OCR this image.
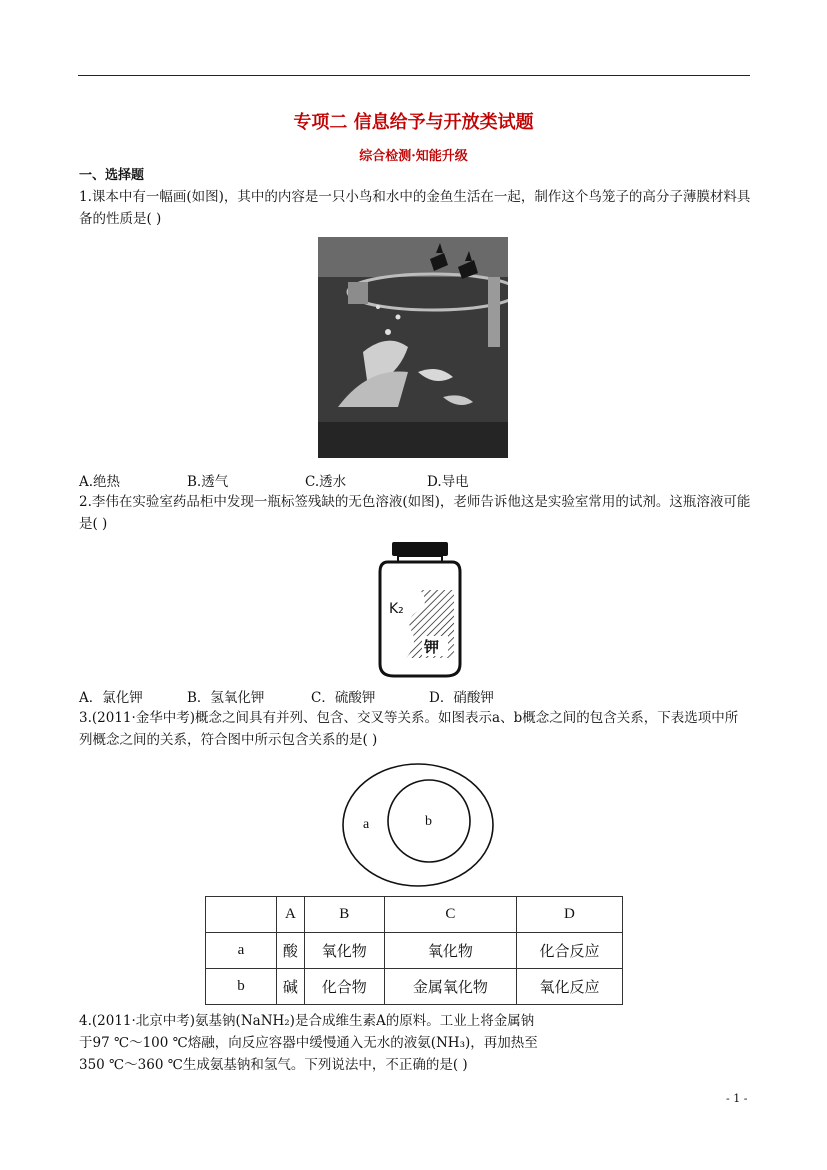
专项二 信息给予与开放类试题
综合检测·知能升级
一、选择题
1.课本中有一幅画(如图)，其中的内容是一只小鸟和水中的金鱼生活在一起，制作这个鸟笼子的高分子薄膜材料具备的性质是( )
A.绝热	B.透气	C.透水	D.导电
2.李伟在实验室药品柜中发现一瓶标签残缺的无色溶液(如图)，老师告诉他这是实验室常用的试剂。这瓶溶液可能是( )
K₂
钾
A．氯化钾	B．氢氧化钾	C．硫酸钾	D．硝酸钾
3.(2011·金华中考)概念之间具有并列、包含、交叉等关系。如图表示a、b概念之间的包含关系，下表选项中所列概念之间的关系，符合图中所示包含关系的是( )
a	b
	A	B	C	D
a	酸	氧化物	氧化物	化合反应
b	碱	化合物	金属氧化物	氧化反应
4.(2011·北京中考)氨基钠(NaNH₂)是合成维生素A的原料。工业上将金属钠
于97 ℃～100 ℃熔融，向反应容器中缓慢通入无水的液氨(NH₃)，再加热至
350 ℃～360 ℃生成氨基钠和氢气。下列说法中，不正确的是( )
- 1 -
